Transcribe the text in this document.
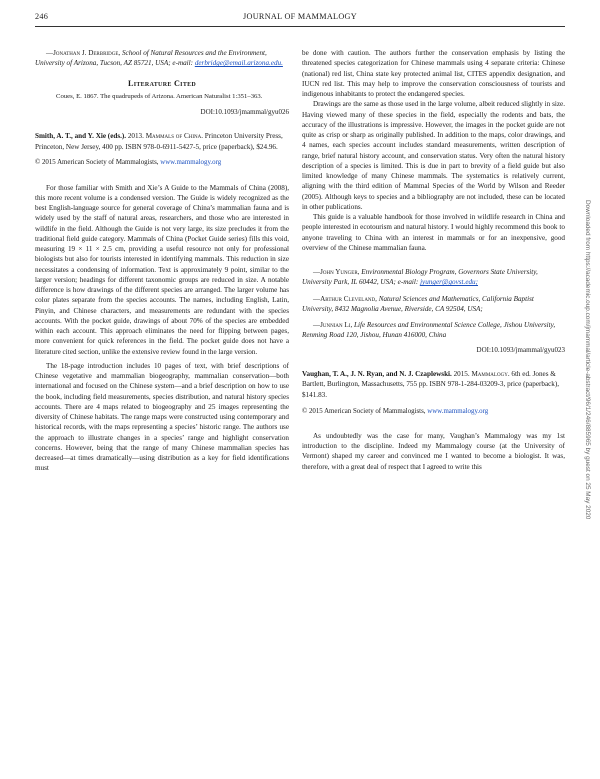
246	JOURNAL OF MAMMALOGY

—Jonathan J. Derbridge, School of Natural Resources and the Environment, University of Arizona, Tucson, AZ 85721, USA; e-mail: derbridge@email.arizona.edu.

Literature Cited

Coues, E. 1867. The quadrupeds of Arizona. American Naturalist 1:351–363.

DOI:10.1093/jmammal/gyu026

Smith, A. T., and Y. Xie (eds.). 2013. Mammals of China. Princeton University Press, Princeton, New Jersey, 400 pp. ISBN 978-0-6911-5427-5, price (paperback), $24.96.

© 2015 American Society of Mammalogists, www.mammalogy.org

For those familiar with Smith and Xie’s A Guide to the Mammals of China (2008), this more recent volume is a condensed version. The Guide is widely recognized as the best English-language source for general coverage of China’s mammalian fauna and is widely used by the staff of natural areas, researchers, and those who are interested in wildlife in the field. Although the Guide is not very large, its size precludes it from the traditional field guide category. Mammals of China (Pocket Guide series) fills this void, measuring 19 × 11 × 2.5 cm, providing a useful resource not only for professional biologists but also for tourists interested in identifying mammals. This reduction in size necessitates a condensing of information. Text is approximately 9 point, similar to the larger version; headings for different taxonomic groups are reduced in size. A notable difference is how drawings of the different species are arranged. The larger volume has color plates separate from the species accounts. The names, including English, Latin, Pinyin, and Chinese characters, and measurements are redundant with the species accounts. With the pocket guide, drawings of about 70% of the species are embedded within each account. This approach eliminates the need for flipping between pages, more convenient for quick references in the field. The pocket guide does not have a literature cited section, unlike the extensive review found in the large version.

The 18-page introduction includes 10 pages of text, with brief descriptions of Chinese vegetative and mammalian biogeography, mammalian conservation—both international and focused on the Chinese system—and a brief description on how to use the book, including field measurements, species distribution, and natural history species accounts. There are 4 maps related to biogeography and 25 images representing the diversity of Chinese habitats. The range maps were constructed using contemporary and historical records, with the maps representing a species’ historic range. The authors use the approach to illustrate changes in a species’ range and highlight conservation concerns. However, being that the range of many Chinese mammalian species has decreased—at times dramatically—using distribution as a key for field identifications must

be done with caution. The authors further the conservation emphasis by listing the threatened species categorization for Chinese mammals using 4 separate criteria: Chinese (national) red list, China state key protected animal list, CITES appendix designation, and IUCN red list. This may help to improve the conservation consciousness of tourists and indigenous inhabitants to protect the endangered species.

Drawings are the same as those used in the large volume, albeit reduced slightly in size. Having viewed many of these species in the field, especially the rodents and bats, the accuracy of the illustrations is impressive. However, the images in the pocket guide are not quite as crisp or sharp as originally published. In addition to the maps, color drawings, and 4 names, each species account includes standard measurements, written description of range, brief natural history account, and conservation status. Very often the natural history description of a species is limited. This is due in part to brevity of a field guide but also limited knowledge of many Chinese mammals. The systematics is relatively current, aligning with the third edition of Mammal Species of the World by Wilson and Reeder (2005). Although keys to species and a bibliography are not included, these can be located in other publications.

This guide is a valuable handbook for those involved in wildlife research in China and people interested in ecotourism and natural history. I would highly recommend this book to anyone traveling to China with an interest in mammals or for an inexpensive, good overview of the Chinese mammalian fauna.

—John Yunger, Environmental Biology Program, Governors State University, University Park, IL 60442, USA; e-mail: jyunger@govst.edu;

—Arthur Cleveland, Natural Sciences and Mathematics, California Baptist University, 8432 Magnolia Avenue, Riverside, CA 92504, USA;

—Junnian Li, Life Resources and Environmental Science College, Jishou University, Renming Road 120, Jishou, Hunan 416000, China

DOI:10.1093/jmammal/gyu023

Vaughan, T. A., J. N. Ryan, and N. J. Czaplewski. 2015. Mammalogy. 6th ed. Jones & Bartlett, Burlington, Massachusetts, 755 pp. ISBN 978-1-284-03209-3, price (paperback), $141.83.

© 2015 American Society of Mammalogists, www.mammalogy.org

As undoubtedly was the case for many, Vaughan’s Mammalogy was my 1st introduction to the discipline. Indeed my Mammalogy course (at the University of Vermont) shaped my career and convinced me I wanted to become a biologist. It was, therefore, with a great deal of respect that I agreed to write this	Downloaded from https://academic.oup.com/jmammal/article-abstract/96/1/246/885965 by guest on 25 May 2020
